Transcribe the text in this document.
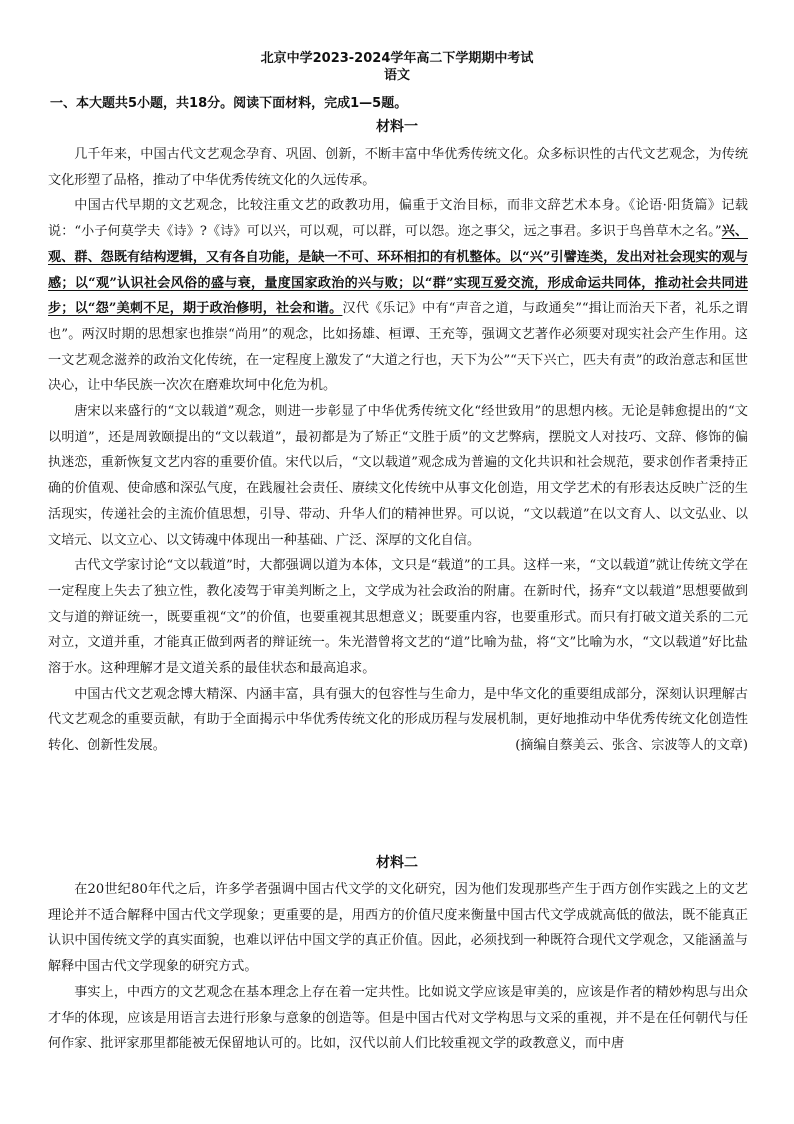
北京中学2023-2024学年高二下学期期中考试
语文
一、本大题共5小题，共18分。阅读下面材料，完成1—5题。
材料一

几千年来，中国古代文艺观念孕育、巩固、创新，不断丰富中华优秀传统文化。众多标识性的古代文艺观念，为传统文化形塑了品格，推动了中华优秀传统文化的久远传承。

中国古代早期的文艺观念，比较注重文艺的政教功用，偏重于文治目标，而非文辞艺术本身。《论语·阳货篇》记载说：“小子何莫学夫《诗》?《诗》可以兴，可以观，可以群，可以怨。迩之事父，远之事君。多识于鸟兽草木之名。”兴、观、群、怨既有结构逻辑，又有各自功能，是缺一不可、环环相扣的有机整体。以“兴”引譬连类，发出对社会现实的观与感；以“观”认识社会风俗的盛与衰，量度国家政治的兴与败；以“群”实现互爱交流，形成命运共同体，推动社会共同进步；以“怨”美刺不足，期于政治修明，社会和谐。汉代《乐记》中有“声音之道，与政通矣”“揖让而治天下者，礼乐之谓也”。两汉时期的思想家也推崇“尚用”的观念，比如扬雄、桓谭、王充等，强调文艺著作必须要对现实社会产生作用。这一文艺观念滋养的政治文化传统，在一定程度上激发了“大道之行也，天下为公”“天下兴亡，匹夫有责”的政治意志和匡世决心，让中华民族一次次在磨难坎坷中化危为机。

唐宋以来盛行的“文以载道”观念，则进一步彰显了中华优秀传统文化“经世致用”的思想内核。无论是韩愈提出的“文以明道”，还是周敦颐提出的“文以载道”，最初都是为了矫正“文胜于质”的文艺弊病，摆脱文人对技巧、文辞、修饰的偏执迷恋，重新恢复文艺内容的重要价值。宋代以后，“文以载道”观念成为普遍的文化共识和社会规范，要求创作者秉持正确的价值观、使命感和深弘气度，在践履社会责任、赓续文化传统中从事文化创造，用文学艺术的有形表达反映广泛的生活现实，传递社会的主流价值思想，引导、带动、升华人们的精神世界。可以说，“文以载道”在以文育人、以文弘业、以文培元、以文立心、以文铸魂中体现出一种基础、广泛、深厚的文化自信。

古代文学家讨论“文以载道”时，大都强调以道为本体，文只是“载道”的工具。这样一来，“文以载道”就让传统文学在一定程度上失去了独立性，教化凌驾于审美判断之上，文学成为社会政治的附庸。在新时代，扬弃“文以载道”思想要做到文与道的辩证统一，既要重视“文”的价值，也要重视其思想意义；既要重内容，也要重形式。而只有打破文道关系的二元对立，文道并重，才能真正做到两者的辩证统一。朱光潜曾将文艺的“道”比喻为盐，将“文”比喻为水，“文以载道”好比盐溶于水。这种理解才是文道关系的最佳状态和最高追求。

中国古代文艺观念博大精深、内涵丰富，具有强大的包容性与生命力，是中华文化的重要组成部分，深刻认识理解古代文艺观念的重要贡献，有助于全面揭示中华优秀传统文化的形成历程与发展机制，更好地推动中华优秀传统文化创造性转化、创新性发展。	(摘编自蔡美云、张含、宗波等人的文章)

材料二

在20世纪80年代之后，许多学者强调中国古代文学的文化研究，因为他们发现那些产生于西方创作实践之上的文艺理论并不适合解释中国古代文学现象；更重要的是，用西方的价值尺度来衡量中国古代文学成就高低的做法，既不能真正认识中国传统文学的真实面貌，也难以评估中国文学的真正价值。因此，必须找到一种既符合现代文学观念，又能涵盖与解释中国古代文学现象的研究方式。

事实上，中西方的文艺观念在基本理念上存在着一定共性。比如说文学应该是审美的，应该是作者的精妙构思与出众才华的体现，应该是用语言去进行形象与意象的创造等。但是中国古代对文学构思与文采的重视，并不是在任何朝代与任何作家、批评家那里都能被无保留地认可的。比如，汉代以前人们比较重视文学的政教意义，而中唐
